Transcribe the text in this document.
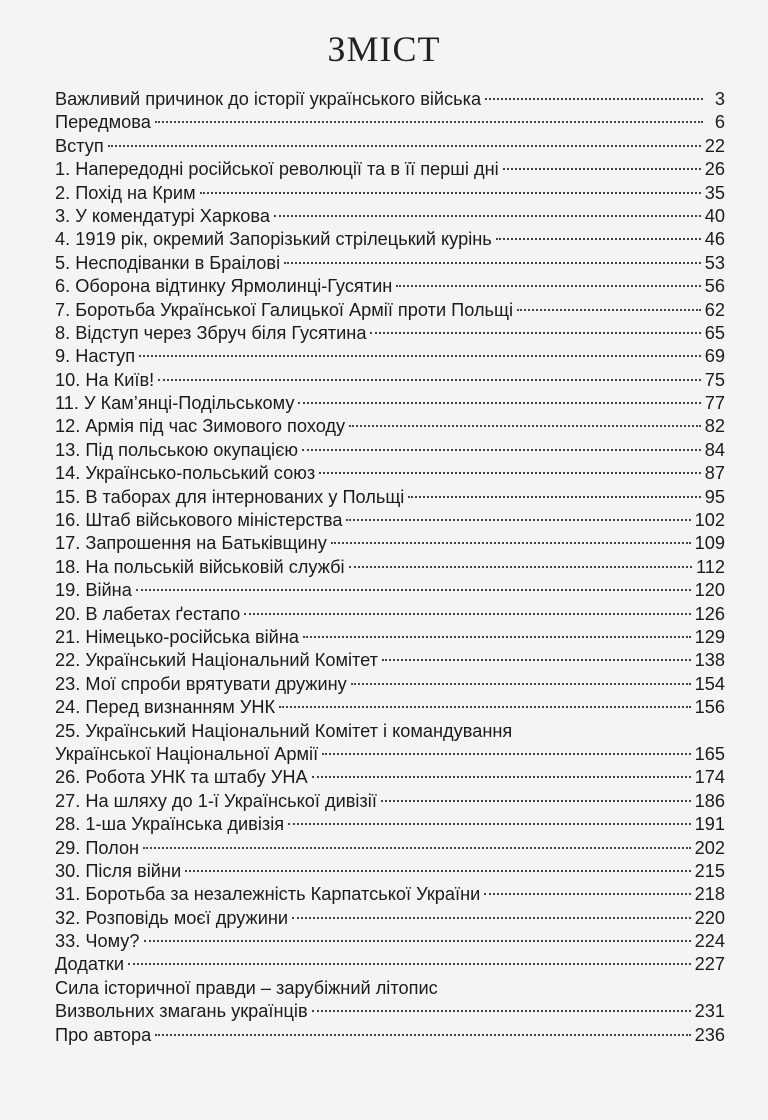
ЗМІСТ
Важливий причинок до історії українського війська	3
Передмова	6
Вступ	22
1. Напередодні російської революції та в її перші дні	26
2. Похід на Крим	35
3. У комендатурі Харкова	40
4. 1919 рік, окремий Запорізький стрілецький курінь	46
5. Несподіванки в Браілові	53
6. Оборона відтинку Ярмолинці-Гусятин	56
7. Боротьба Української Галицької Армії проти Польщі	62
8. Відступ через Збруч біля Гусятина	65
9. Наступ	69
10. На Київ!	75
11. У Кам’янці-Подільському	77
12. Армія під час Зимового походу	82
13. Під польською окупацією	84
14. Українсько-польський союз	87
15. В таборах для інтернованих у Польщі	95
16. Штаб військового міністерства	102
17. Запрошення на Батьківщину	109
18. На польській військовій службі	112
19. Війна	120
20. В лабетах ґестапо	126
21. Німецько-російська війна	129
22. Український Національний Комітет	138
23. Мої спроби врятувати дружину	154
24. Перед визнанням УНК	156
25. Український Національний Комітет і командування
Української Національної Армії	165
26. Робота УНК та штабу УНА	174
27. На шляху до 1-ї Української дивізії	186
28. 1-ша Українська дивізія	191
29. Полон	202
30. Після війни	215
31. Боротьба за незалежність Карпатської України	218
32. Розповідь моєї дружини	220
33. Чому?	224
Додатки	227
Сила історичної правди – зарубіжний літопис
Визвольних змагань українців	231
Про автора	236
